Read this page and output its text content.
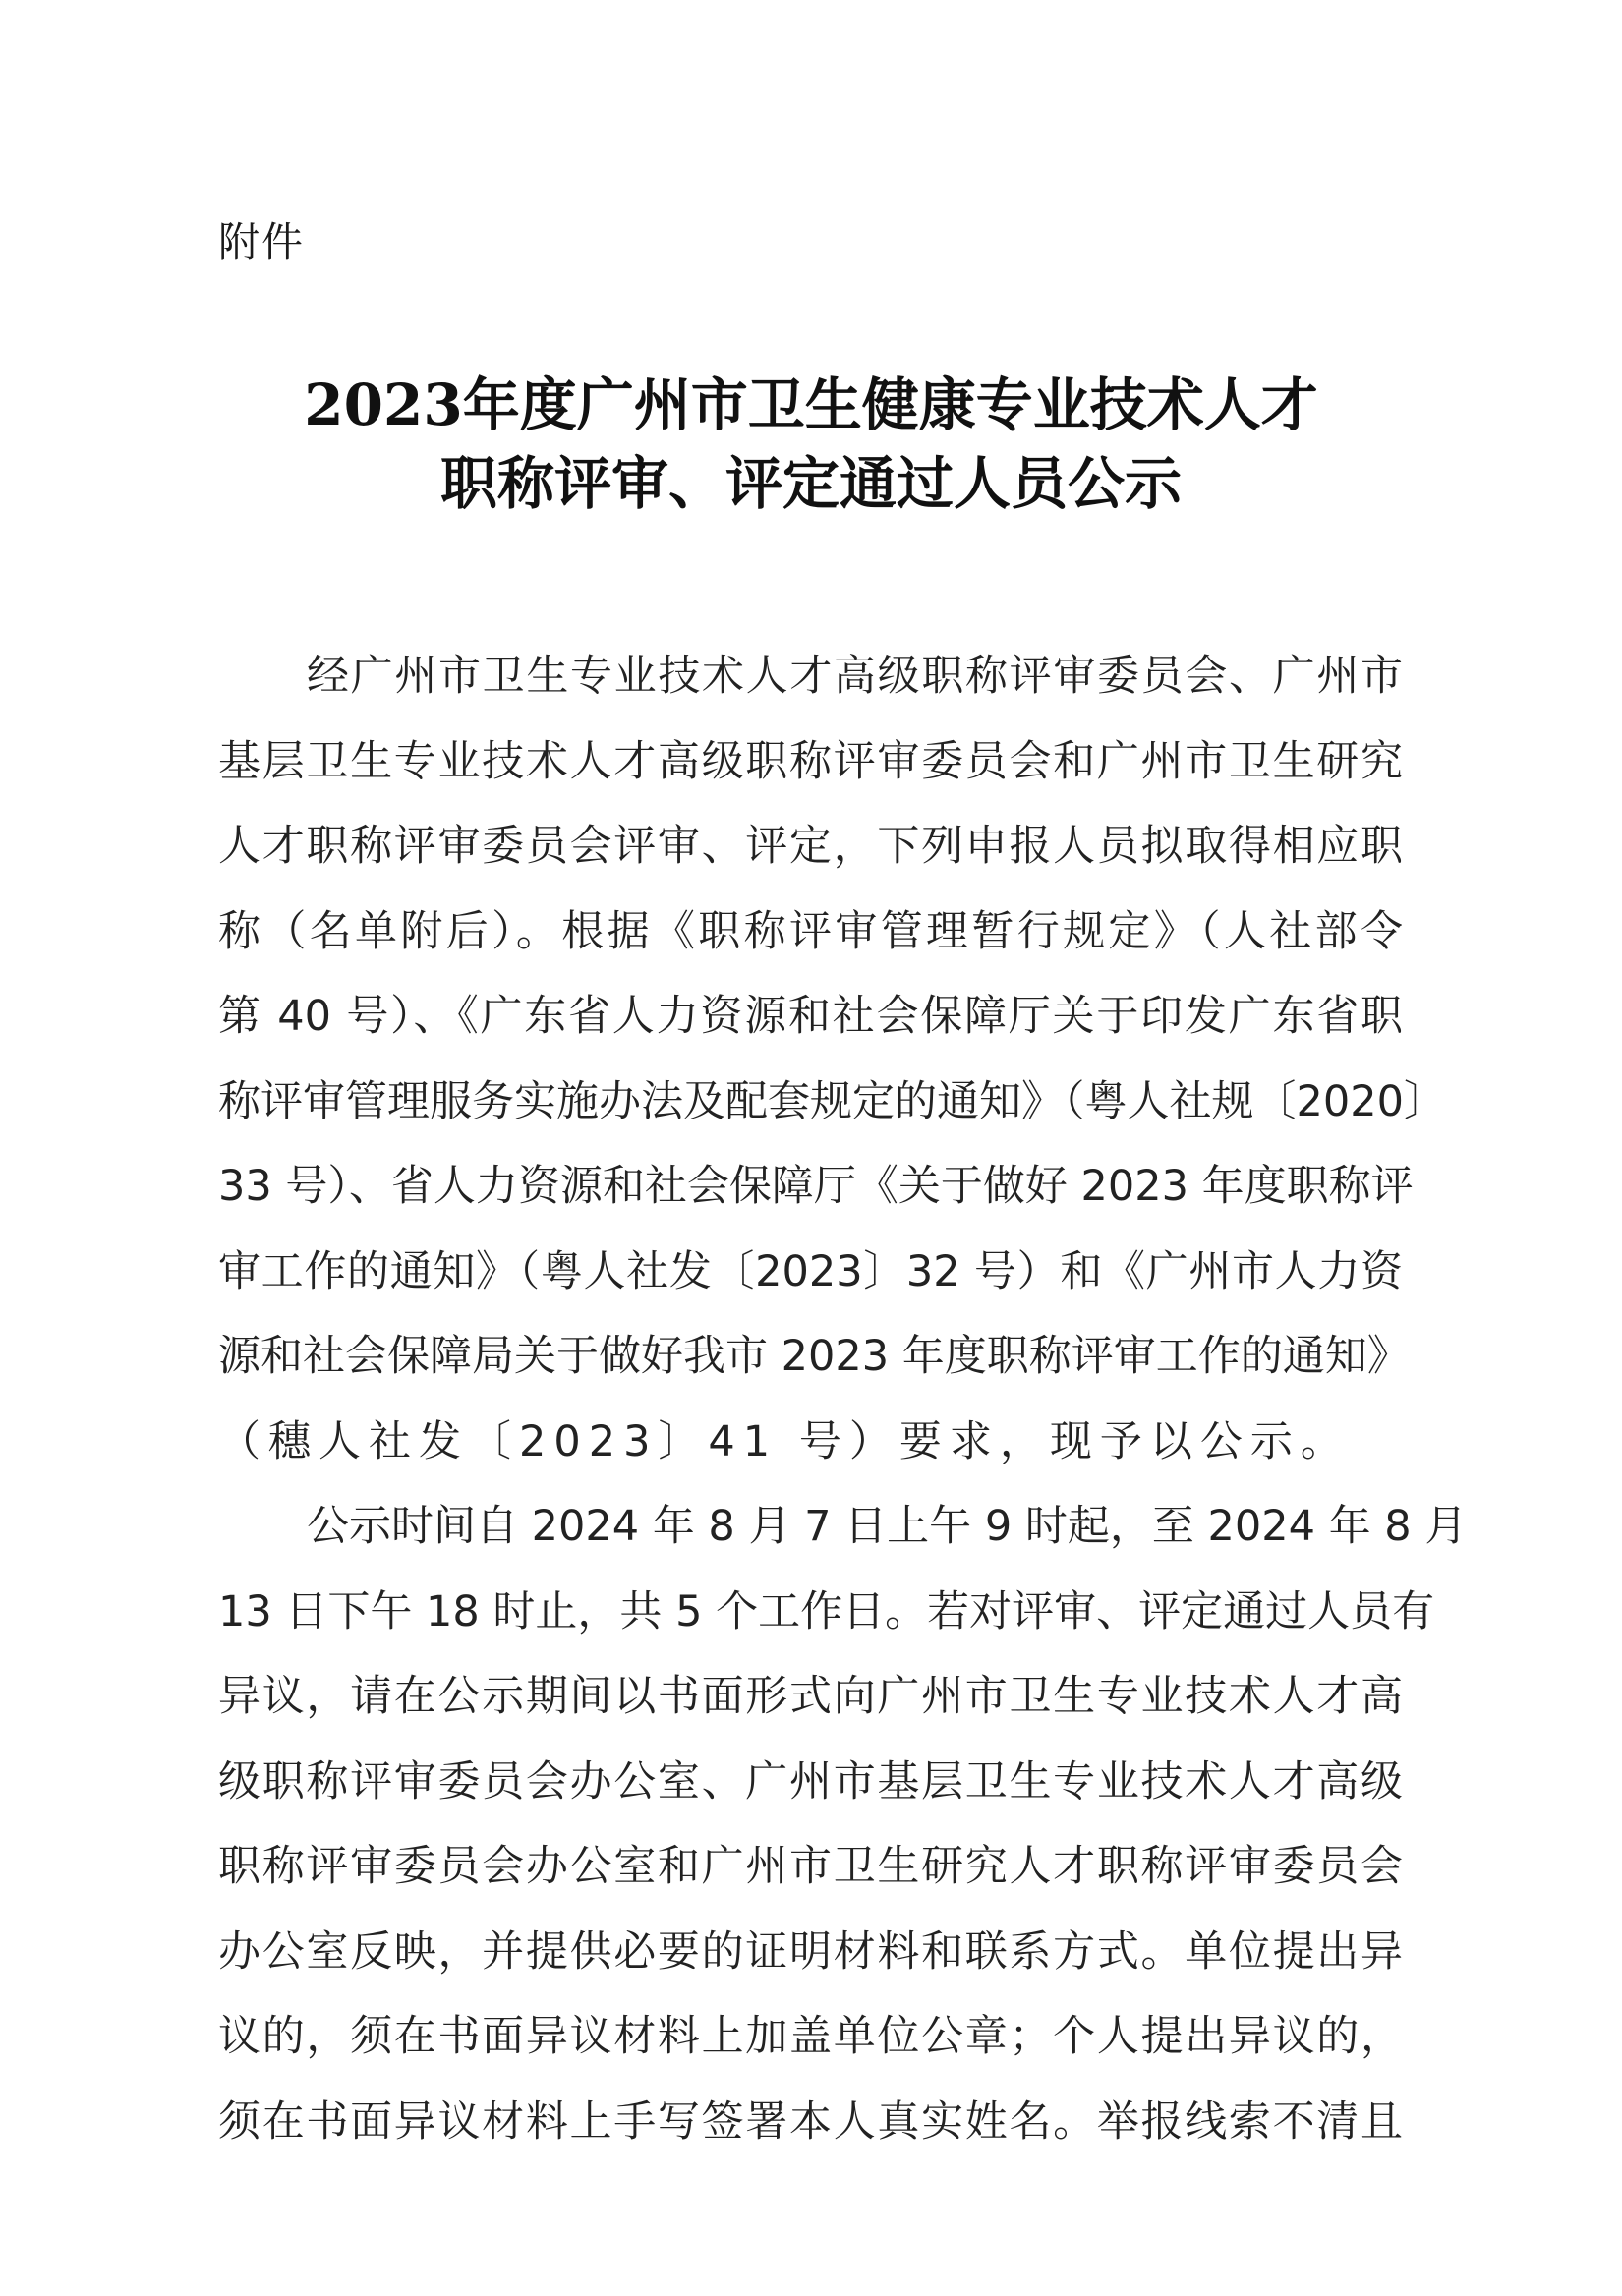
附件
2023年度广州市卫生健康专业技术人才
职称评审、评定通过人员公示
经广州市卫生专业技术人才高级职称评审委员会、广州市
基层卫生专业技术人才高级职称评审委员会和广州市卫生研究
人才职称评审委员会评审、评定，下列申报人员拟取得相应职
称（名单附后）。根据《职称评审管理暂行规定》（人社部令
第 40 号）、《广东省人力资源和社会保障厅关于印发广东省职
称评审管理服务实施办法及配套规定的通知》（粤人社规〔2020〕
33 号）、省人力资源和社会保障厅《关于做好 2023 年度职称评
审工作的通知》（粤人社发〔2023〕32 号）和《广州市人力资
源和社会保障局关于做好我市 2023 年度职称评审工作的通知》
（穗人社发〔2023〕41 号）要求，现予以公示。
公示时间自 2024 年 8 月 7 日上午 9 时起，至 2024 年 8 月
13 日下午 18 时止，共 5 个工作日。若对评审、评定通过人员有
异议，请在公示期间以书面形式向广州市卫生专业技术人才高
级职称评审委员会办公室、广州市基层卫生专业技术人才高级
职称评审委员会办公室和广州市卫生研究人才职称评审委员会
办公室反映，并提供必要的证明材料和联系方式。单位提出异
议的，须在书面异议材料上加盖单位公章；个人提出异议的，
须在书面异议材料上手写签署本人真实姓名。举报线索不清且
